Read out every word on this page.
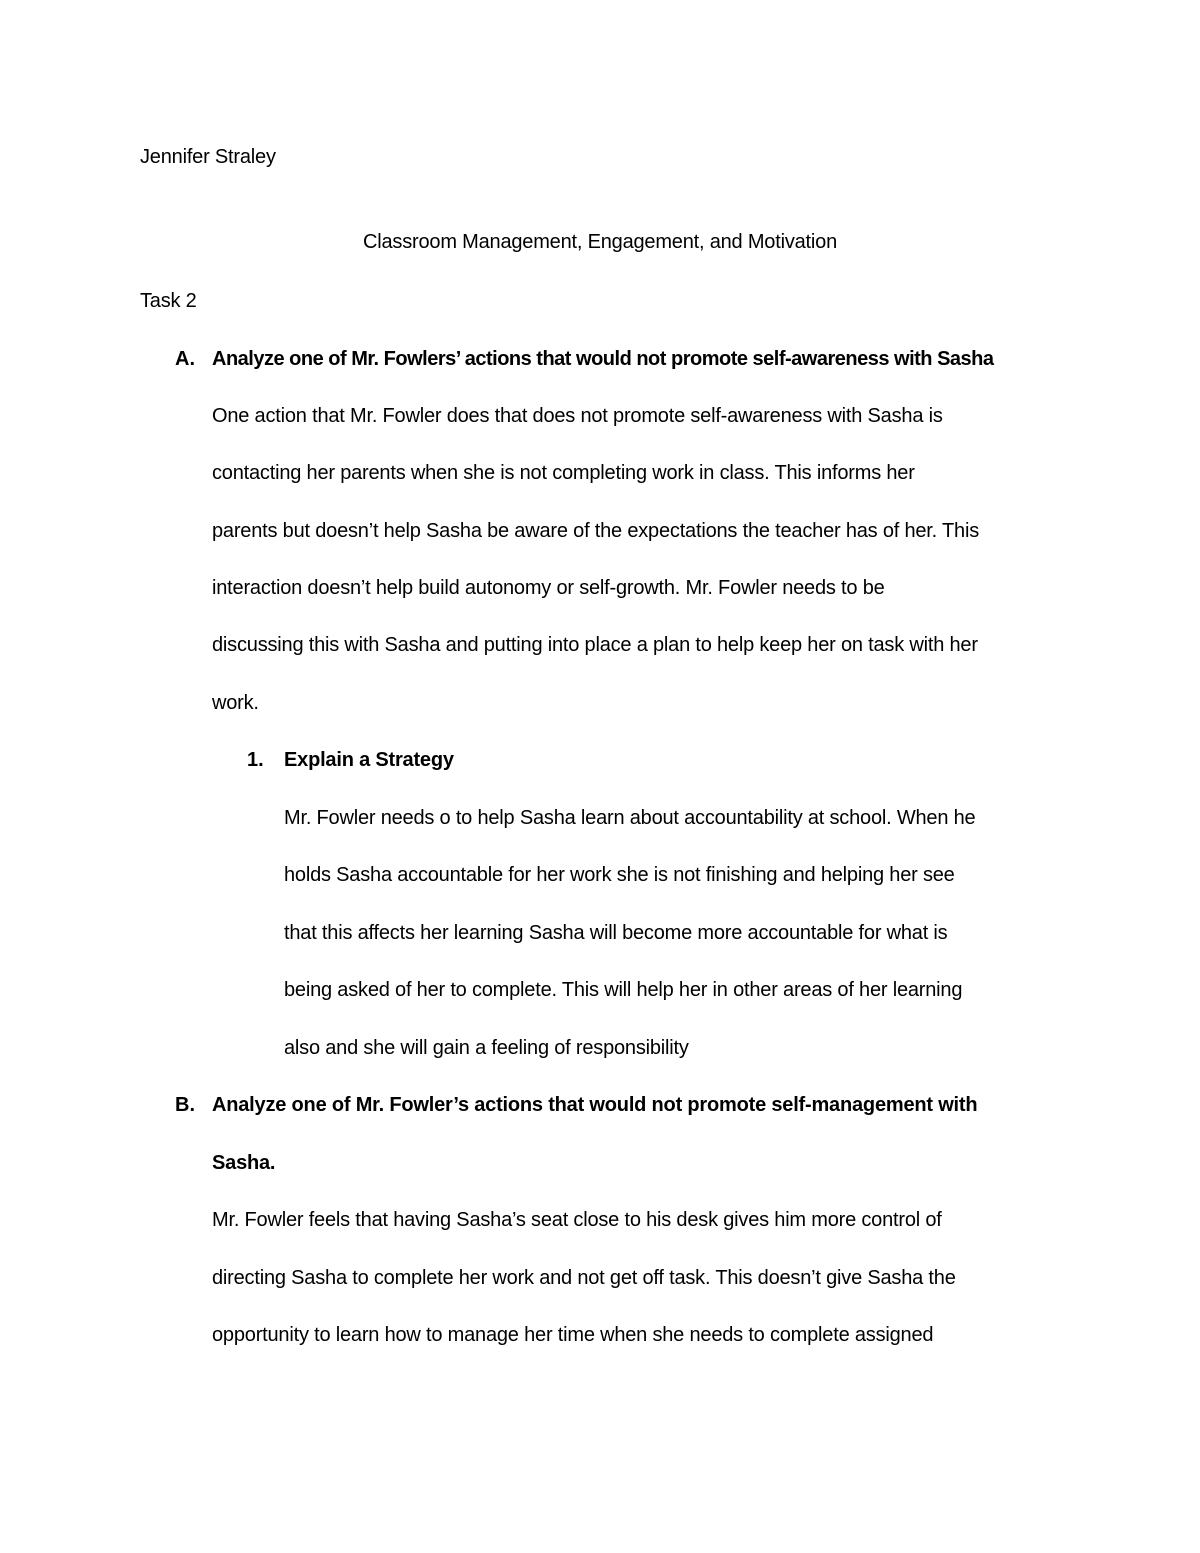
Jennifer Straley
Classroom Management, Engagement, and Motivation
Task 2
A. Analyze one of Mr. Fowlers’ actions that would not promote self-awareness with Sasha
One action that Mr. Fowler does that does not promote self-awareness with Sasha is
contacting her parents when she is not completing work in class. This informs her
parents but doesn’t help Sasha be aware of the expectations the teacher has of her. This
interaction doesn’t help build autonomy or self-growth. Mr. Fowler needs to be
discussing this with Sasha and putting into place a plan to help keep her on task with her
work.
1. Explain a Strategy
Mr. Fowler needs o to help Sasha learn about accountability at school. When he
holds Sasha accountable for her work she is not finishing and helping her see
that this affects her learning Sasha will become more accountable for what is
being asked of her to complete. This will help her in other areas of her learning
also and she will gain a feeling of responsibility
B. Analyze one of Mr. Fowler’s actions that would not promote self-management with
Sasha.
Mr. Fowler feels that having Sasha’s seat close to his desk gives him more control of
directing Sasha to complete her work and not get off task. This doesn’t give Sasha the
opportunity to learn how to manage her time when she needs to complete assigned
